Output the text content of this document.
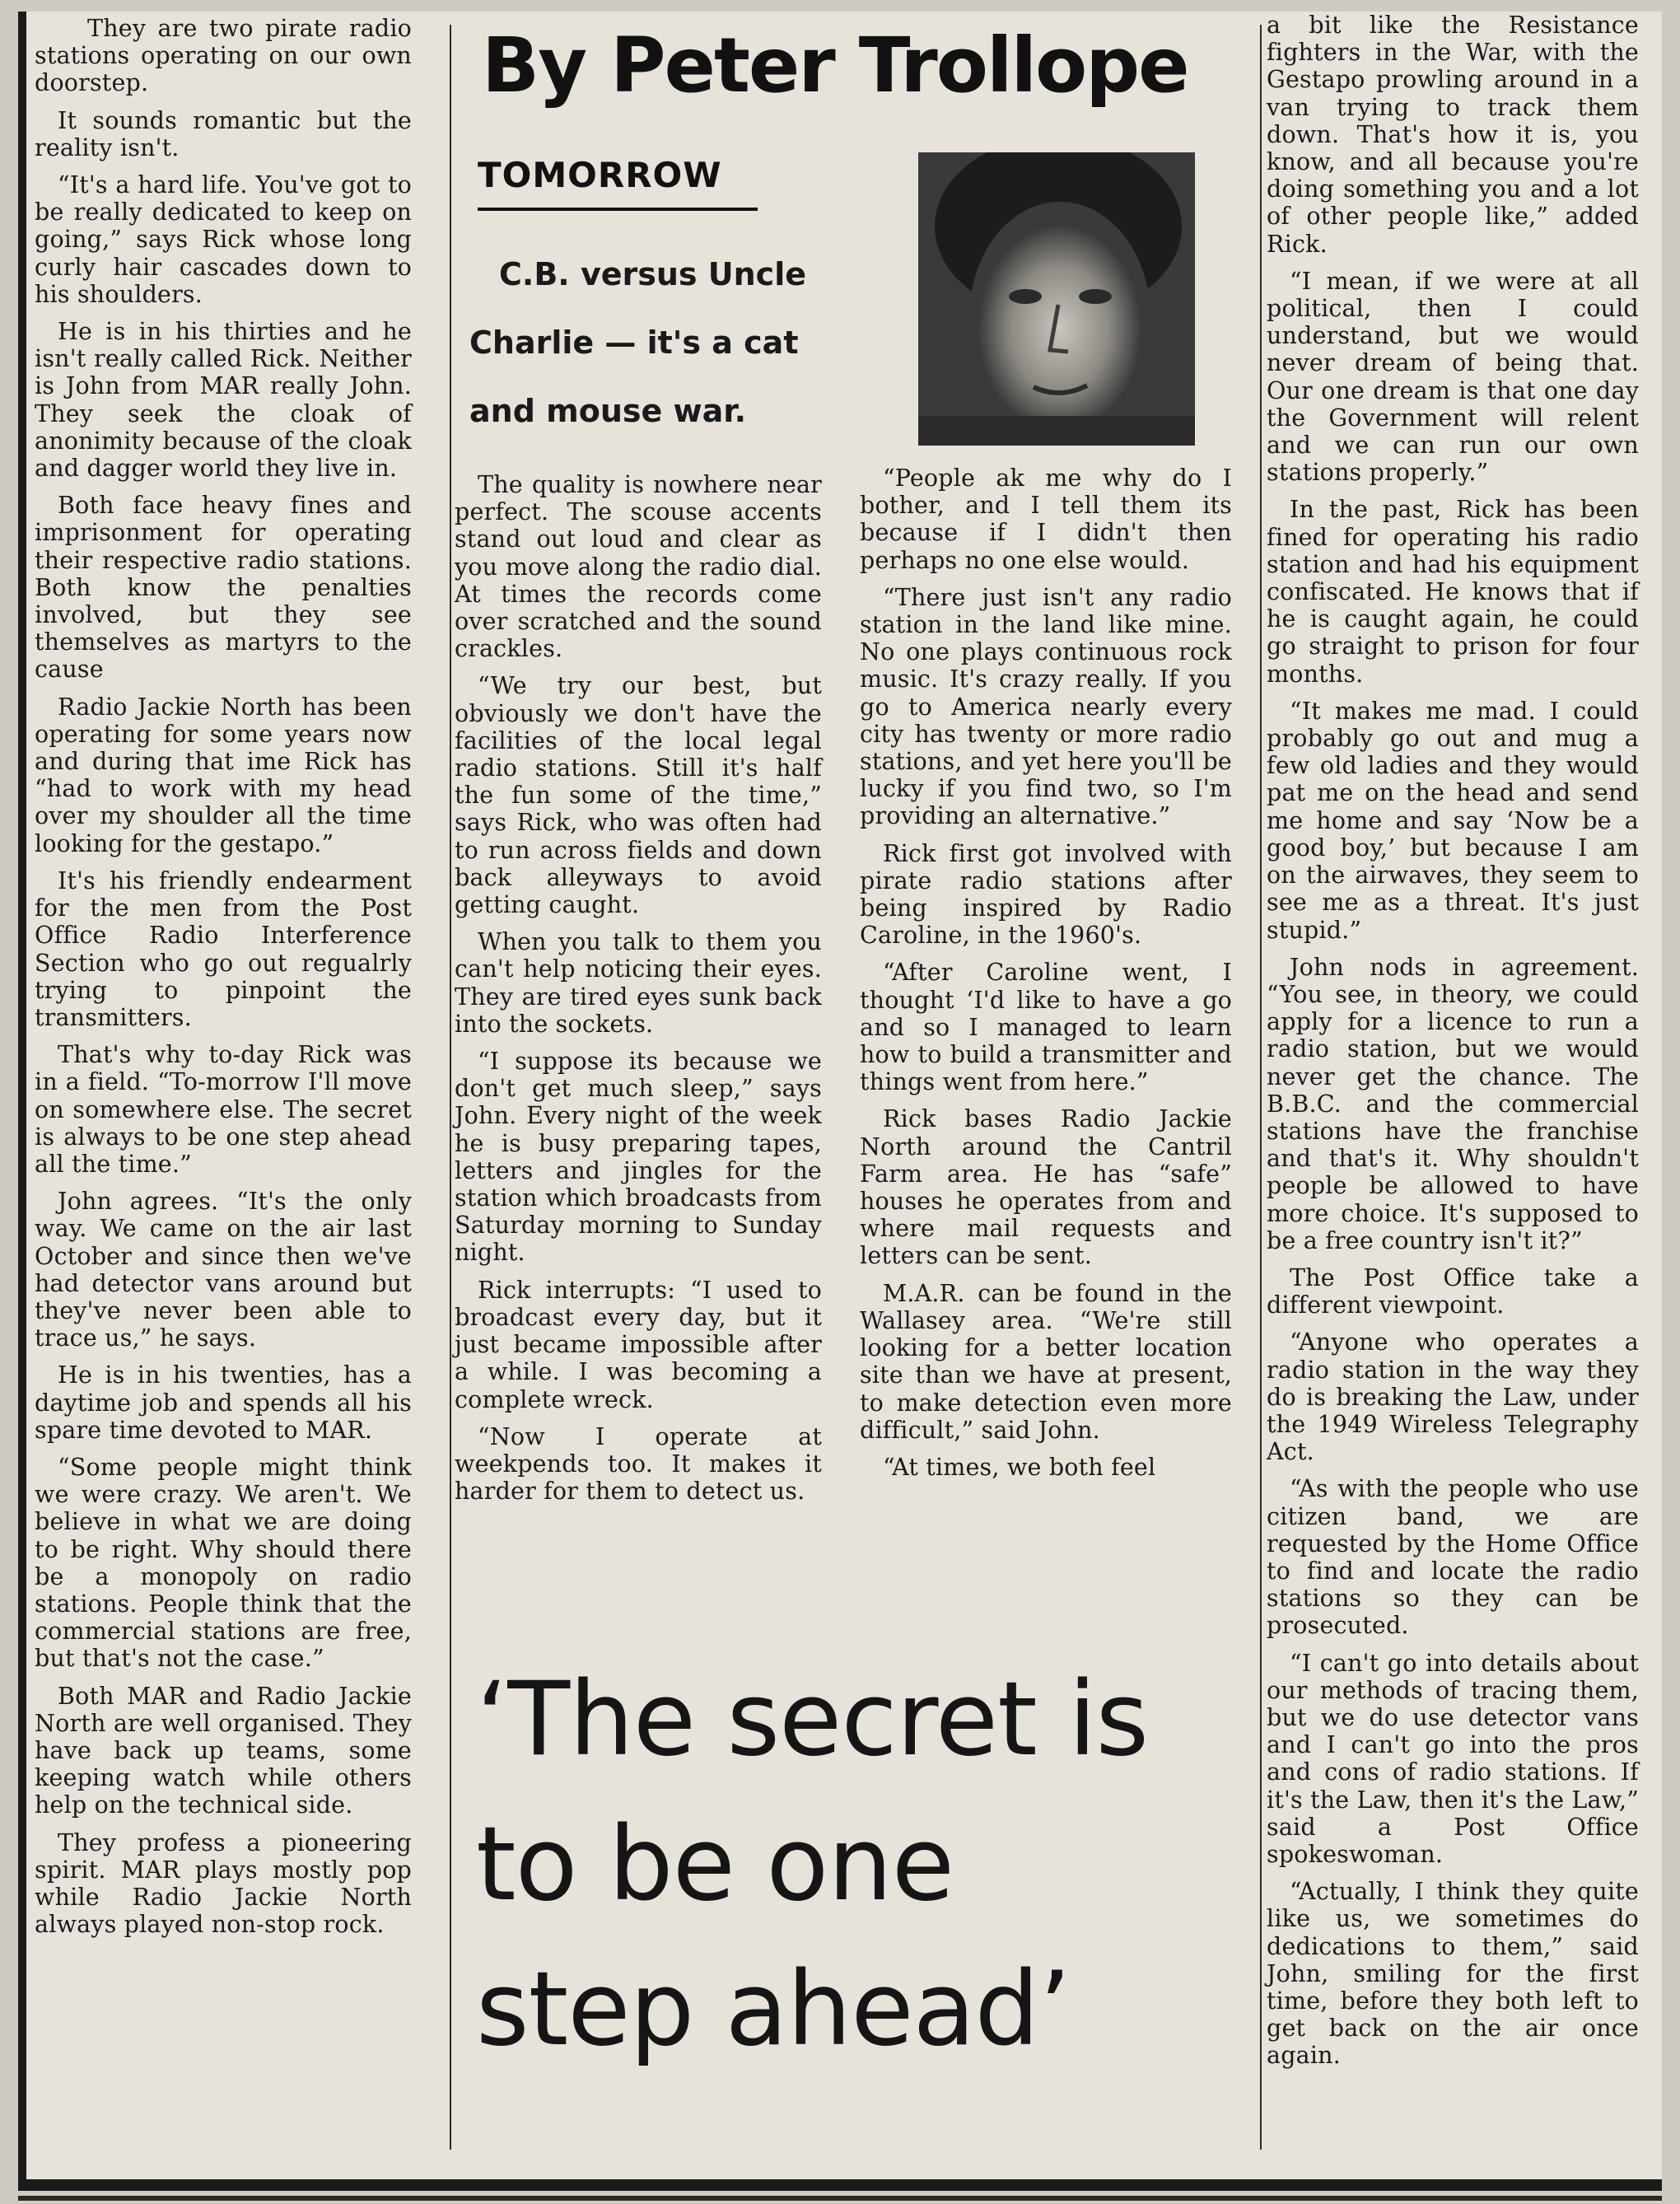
By Peter Trollope
TOMORROW
C.B. versus Uncle
Charlie — it's a cat
and mouse war.

They are two pirate radio stations operating on our own doorstep.

It sounds romantic but the reality isn't.

“It's a hard life. You've got to be really dedicated to keep on going,” says Rick whose long curly hair cascades down to his shoulders.

He is in his thirties and he isn't really called Rick. Neither is John from MAR really John. They seek the cloak of anonimity because of the cloak and dagger world they live in.

Both face heavy fines and imprisonment for operating their respective radio stations. Both know the penalties involved, but they see themselves as martyrs to the cause

Radio Jackie North has been operating for some years now and during that ime Rick has “had to work with my head over my shoulder all the time looking for the gestapo.”

It's his friendly endearment for the men from the Post Office Radio Interference Section who go out regualrly trying to pinpoint the transmitters.

That's why to-day Rick was in a field. “To-morrow I'll move on somewhere else. The secret is always to be one step ahead all the time.”

John agrees. “It's the only way. We came on the air last October and since then we've had detector vans around but they've never been able to trace us,” he says.

He is in his twenties, has a daytime job and spends all his spare time devoted to MAR.

“Some people might think we were crazy. We aren't. We believe in what we are doing to be right. Why should there be a monopoly on radio stations. People think that the commercial stations are free, but that's not the case.”

Both MAR and Radio Jackie North are well organised. They have back up teams, some keeping watch while others help on the technical side.

They profess a pioneering spirit. MAR plays mostly pop while Radio Jackie North always played non-stop rock.

The quality is nowhere near perfect. The scouse accents stand out loud and clear as you move along the radio dial. At times the records come over scratched and the sound crackles.

“We try our best, but obviously we don't have the facilities of the local legal radio stations. Still it's half the fun some of the time,” says Rick, who was often had to run across fields and down back alleyways to avoid getting caught.

When you talk to them you can't help noticing their eyes. They are tired eyes sunk back into the sockets.

“I suppose its because we don't get much sleep,” says John. Every night of the week he is busy preparing tapes, letters and jingles for the station which broadcasts from Saturday morning to Sunday night.

Rick interrupts: “I used to broadcast every day, but it just became impossible after a while. I was becoming a complete wreck.

“Now I operate at weekpends too. It makes it harder for them to detect us.

“People ak me why do I bother, and I tell them its because if I didn't then perhaps no one else would.

“There just isn't any radio station in the land like mine. No one plays continuous rock music. It's crazy really. If you go to America nearly every city has twenty or more radio stations, and yet here you'll be lucky if you find two, so I'm providing an alternative.”

Rick first got involved with pirate radio stations after being inspired by Radio Caroline, in the 1960's.

“After Caroline went, I thought ‘I'd like to have a go and so I managed to learn how to build a transmitter and things went from here.”

Rick bases Radio Jackie North around the Cantril Farm area. He has “safe” houses he operates from and where mail requests and letters can be sent.

M.A.R. can be found in the Wallasey area. “We're still looking for a better location site than we have at present, to make detection even more difficult,” said John.

“At times, we both feel

a bit like the Resistance fighters in the War, with the Gestapo prowling around in a van trying to track them down. That's how it is, you know, and all because you're doing something you and a lot of other people like,” added Rick.

“I mean, if we were at all political, then I could understand, but we would never dream of being that. Our one dream is that one day the Government will relent and we can run our own stations properly.”

In the past, Rick has been fined for operating his radio station and had his equipment confiscated. He knows that if he is caught again, he could go straight to prison for four months.

“It makes me mad. I could probably go out and mug a few old ladies and they would pat me on the head and send me home and say ‘Now be a good boy,’ but because I am on the airwaves, they seem to see me as a threat. It's just stupid.”

John nods in agreement. “You see, in theory, we could apply for a licence to run a radio station, but we would never get the chance. The B.B.C. and the commercial stations have the franchise and that's it. Why shouldn't people be allowed to have more choice. It's supposed to be a free country isn't it?”

The Post Office take a different viewpoint.

“Anyone who operates a radio station in the way they do is breaking the Law, under the 1949 Wireless Telegraphy Act.

“As with the people who use citizen band, we are requested by the Home Office to find and locate the radio stations so they can be prosecuted.

“I can't go into details about our methods of tracing them, but we do use detector vans and I can't go into the pros and cons of radio stations. If it's the Law, then it's the Law,” said a Post Office spokeswoman.

“Actually, I think they quite like us, we sometimes do dedications to them,” said John, smiling for the first time, before they both left to get back on the air once again.

‘The secret is
to be one
step ahead’
